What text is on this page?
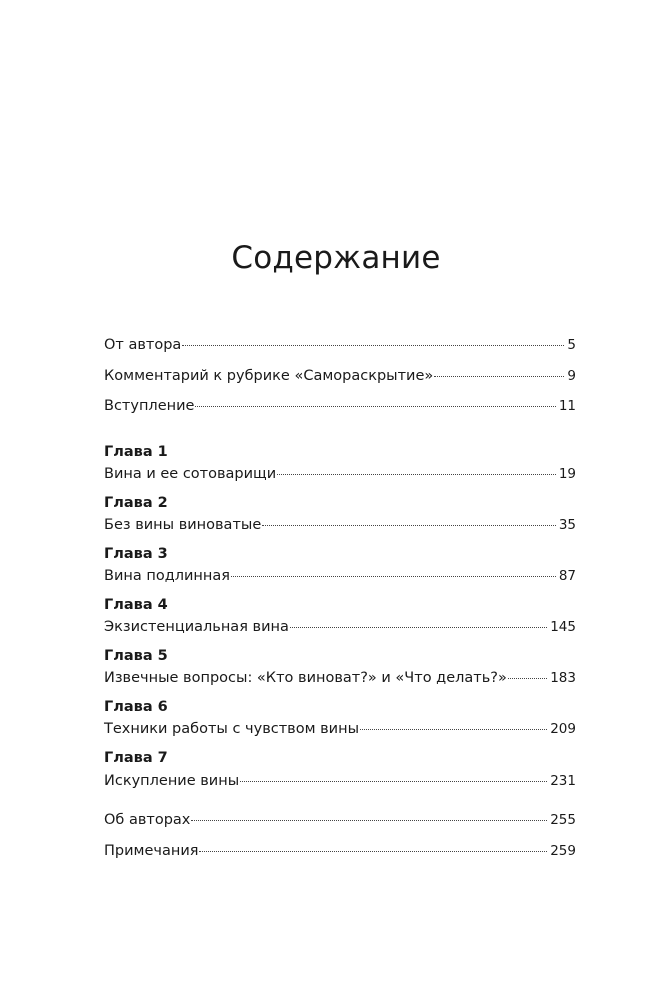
Содержание
От автора	5
Комментарий к рубрике «Самораскрытие»	9
Вступление	11
Глава 1
Вина и ее сотоварищи	19
Глава 2
Без вины виноватые	35
Глава 3
Вина подлинная	87
Глава 4
Экзистенциальная вина	145
Глава 5
Извечные вопросы: «Кто виноват?» и «Что делать?»	183
Глава 6
Техники работы с чувством вины	209
Глава 7
Искупление вины	231
Об авторах	255
Примечания	259
